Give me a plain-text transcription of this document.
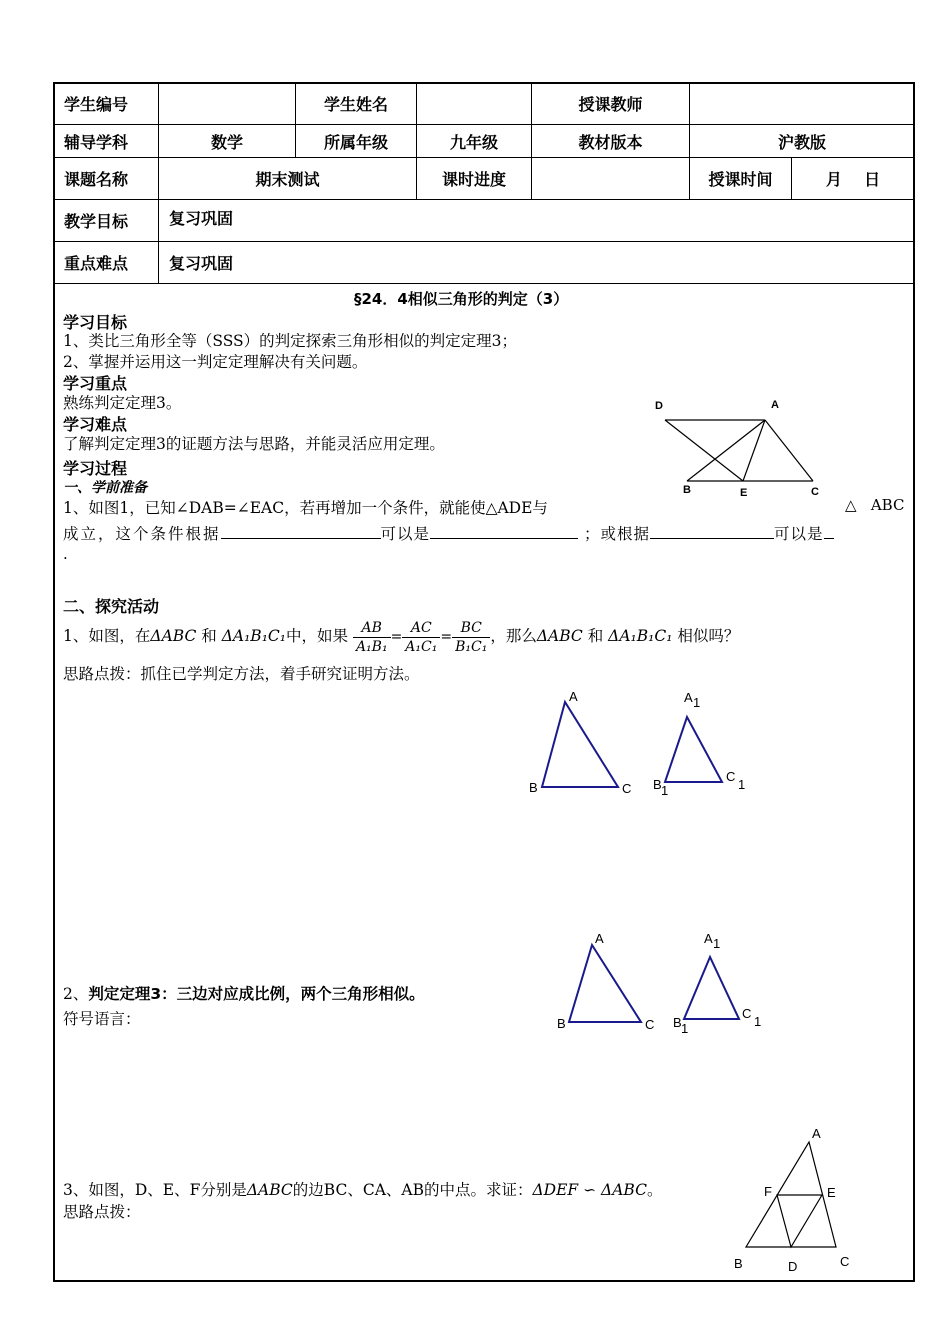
学生编号		学生姓名		授课教师		
辅导学科	数学	所属年级	九年级	教材版本	沪教版	
课题名称	期末测试		课时进度		授课时间	月    日
教学目标	复习巩固					
重点难点	复习巩固					
§24．4相似三角形的判定（3）
学习目标
1、类比三角形全等（SSS）的判定探索三角形相似的判定定理3；
2、掌握并运用这一判定定理解决有关问题。
学习重点
熟练判定定理3。
学习难点
了解判定定理3的证题方法与思路，并能灵活应用定理。
学习过程
一、学前准备
1、如图1，已知∠DAB=∠EAC，若再增加一个条件，就能使△ADE与	△   ABC
成立，这个条件根据	可以是	；或根据	可以是
.
二、探究活动
1、如图，在ΔABC 和 ΔA₁B₁C₁中，如果 $\frac{AB}{\text{A₁B₁}} = \frac{AC}{\text{A₁C₁}} = \frac{BC}{\text{B₁C₁}}$ ，那么ΔABC 和 ΔA₁B₁C₁ 相似吗？
思路点拨：抓住已学判定方法，着手研究证明方法。
2、判定定理3：三边对应成比例，两个三角形相似。
符号语言：
3、如图，D、E、F分别是ΔABC的边BC、CA、AB的中点。求证：ΔDEF ∽ ΔABC。
思路点拨：
D	A
B	E	C
A
B	C
A 1
B 1
C
1
A
B	C
A 1
B 1
C
1
A
B	C
D
E
F
